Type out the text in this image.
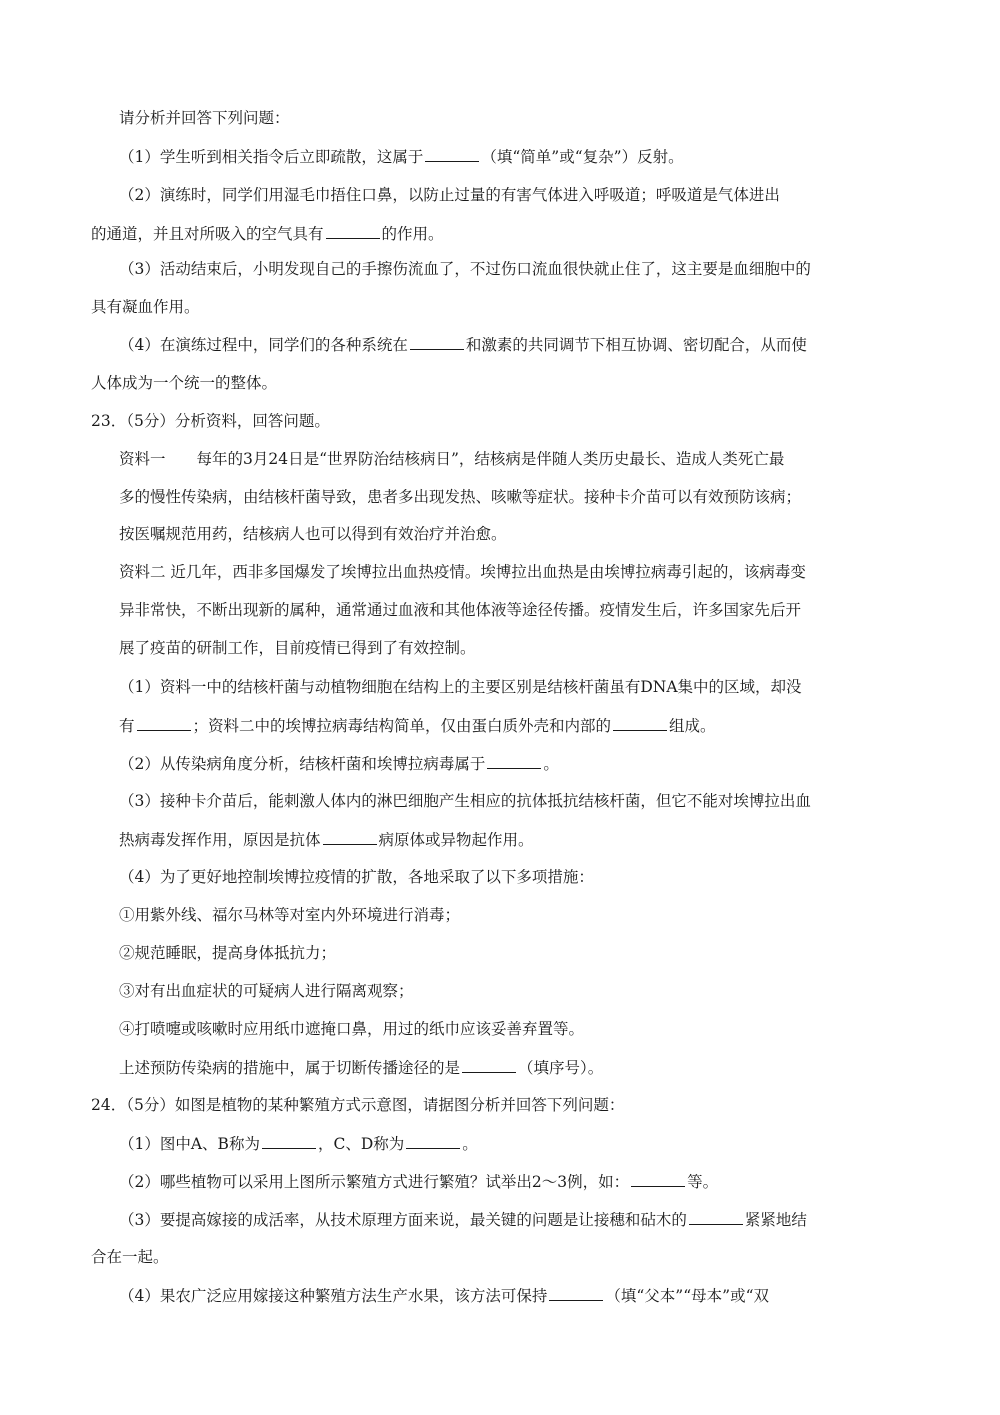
请分析并回答下列问题：
（1）学生听到相关指令后立即疏散，这属于	（填“简单”或“复杂”）反射。
（2）演练时，同学们用湿毛巾捂住口鼻，以防止过量的有害气体进入呼吸道；呼吸道是气体进出
的通道，并且对所吸入的空气具有	的作用。
（3）活动结束后，小明发现自己的手擦伤流血了，不过伤口流血很快就止住了，这主要是血细胞中的
具有凝血作用。
（4）在演练过程中，同学们的各种系统在	和激素的共同调节下相互协调、密切配合，从而使
人体成为一个统一的整体。
23．（5分）分析资料，回答问题。
资料一　　每年的3月24日是“世界防治结核病日”，结核病是伴随人类历史最长、造成人类死亡最
多的慢性传染病，由结核杆菌导致，患者多出现发热、咳嗽等症状。接种卡介苗可以有效预防该病；
按医嘱规范用药，结核病人也可以得到有效治疗并治愈。
资料二 近几年，西非多国爆发了埃博拉出血热疫情。埃博拉出血热是由埃博拉病毒引起的，该病毒变
异非常快，不断出现新的属种，通常通过血液和其他体液等途径传播。疫情发生后，许多国家先后开
展了疫苗的研制工作，目前疫情已得到了有效控制。
（1）资料一中的结核杆菌与动植物细胞在结构上的主要区别是结核杆菌虽有DNA集中的区域，却没
有	；资料二中的埃博拉病毒结构简单，仅由蛋白质外壳和内部的	组成。
（2）从传染病角度分析，结核杆菌和埃博拉病毒属于	。
（3）接种卡介苗后，能刺激人体内的淋巴细胞产生相应的抗体抵抗结核杆菌，但它不能对埃博拉出血
热病毒发挥作用，原因是抗体	病原体或异物起作用。
（4）为了更好地控制埃博拉疫情的扩散，各地采取了以下多项措施：
①用紫外线、福尔马林等对室内外环境进行消毒；
②规范睡眠，提高身体抵抗力；
③对有出血症状的可疑病人进行隔离观察；
④打喷嚏或咳嗽时应用纸巾遮掩口鼻，用过的纸巾应该妥善弃置等。
上述预防传染病的措施中，属于切断传播途径的是	（填序号）。
24．（5分）如图是植物的某种繁殖方式示意图，请据图分析并回答下列问题：
（1）图中A、B称为	，C、D称为	。
（2）哪些植物可以采用上图所示繁殖方式进行繁殖？试举出2～3例，如：	等。
（3）要提高嫁接的成活率，从技术原理方面来说，最关键的问题是让接穗和砧木的	紧紧地结
合在一起。
（4）果农广泛应用嫁接这种繁殖方法生产水果，该方法可保持	（填“父本”“母本”或“双
